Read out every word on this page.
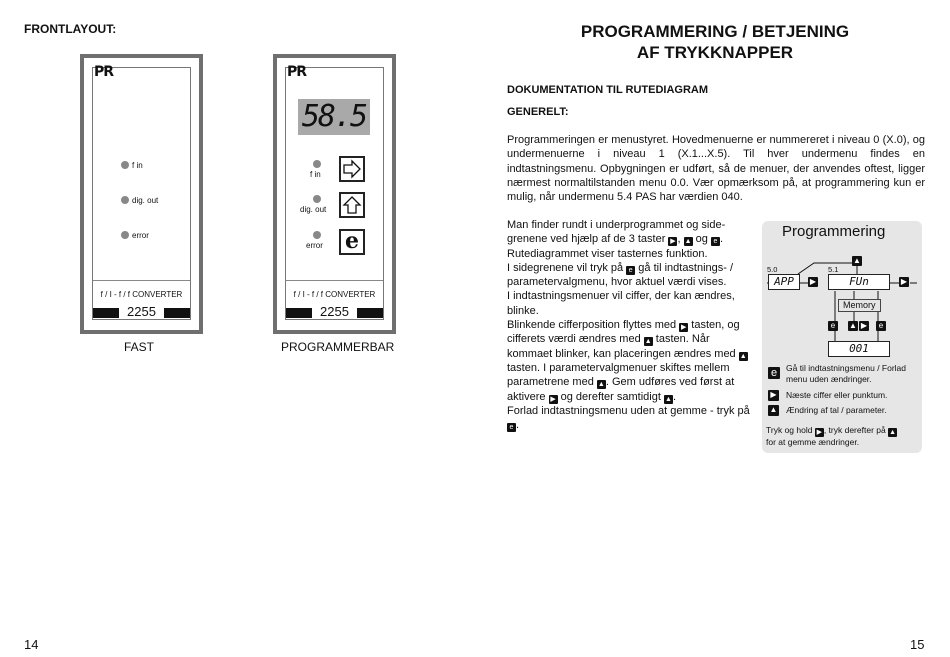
FRONTLAYOUT:
PR
f in
dig. out
error
f / I - f / f CONVERTER
2255
FAST
PR
58.5
f in
dig. out
error e
f / I - f / f CONVERTER
2255
PROGRAMMERBAR
14
PROGRAMMERING / BETJENING
AF TRYKKNAPPER
DOKUMENTATION TIL RUTEDIAGRAM
GENERELT:
Programmeringen er menustyret. Hovedmenuerne er nummereret i niveau 0 (X.0), og undermenuerne i niveau 1 (X.1...X.5). Til hver undermenu findes en indtastningsmenu. Opbygningen er udført, så de menuer, der anvendes oftest, ligger nærmest normaltilstanden menu 0.0. Vær opmærksom på, at programmering kun er mulig, når undermenu 5.4 PAS har værdien 040.
Man finder rundt i underprogrammet og side-grenene ved hjælp af de 3 taster ▶ , ▲ og e . Rutediagrammet viser tasternes funktion.
I sidegrenene vil tryk på e gå til indtastnings- / parametervalgmenu, hvor aktuel værdi vises.
I indtastningsmenuer vil ciffer, der kan ændres, blinke.
Blinkende cifferposition flyttes med ▶ tasten, og cifferets værdi ændres med ▲ tasten. Når kommaet blinker, kan placeringen ændres med ▲ tasten. I parametervalgmenuer skiftes mellem parametrene med ▲. Gem udføres ved først at aktivere ▶ og derefter samtidigt ▲.
Forlad indtastningsmenu uden at gemme - tryk på e .
Programmering
5.0
APP	▶
▲
5.1
FUn	▶
Memory
e	▲ ▶	e
001
e	Gå til indtastningsmenu / Forlad menu uden ændringer.
▶ Næste ciffer eller punktum.
▲ Ændring af tal / parameter.
Tryk og hold ▶ , tryk derefter på ▲
for at gemme ændringer.
15
